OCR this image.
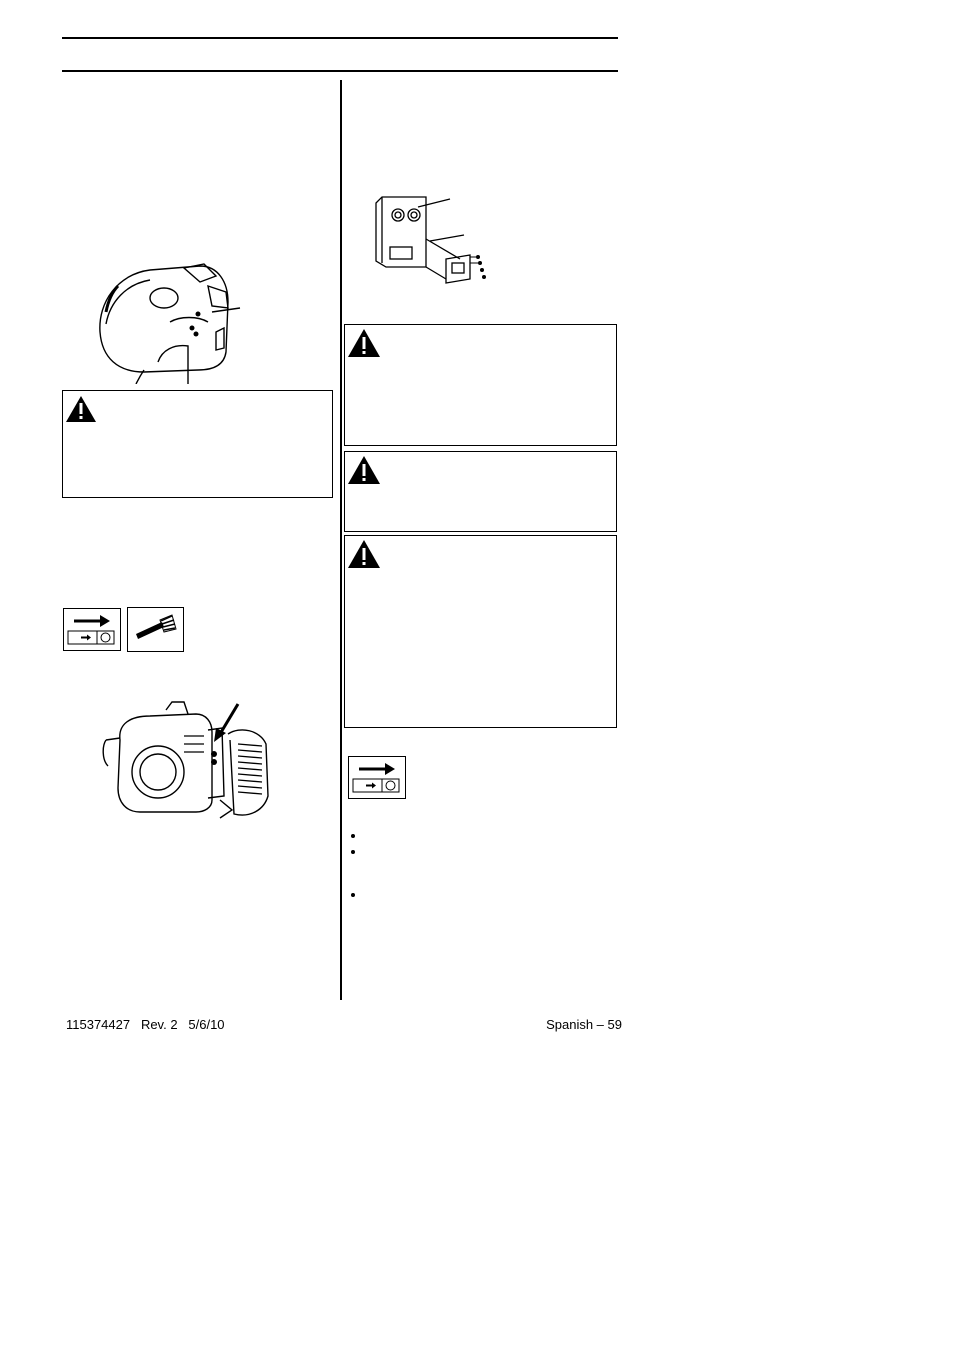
115374427   Rev. 2   5/6/10	Spanish – 59
